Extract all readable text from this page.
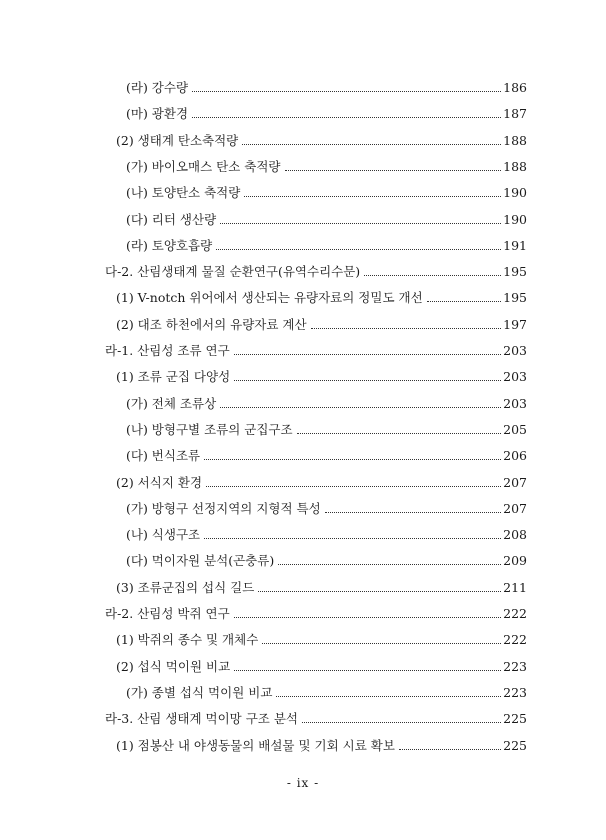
(라) 강수량	186
(마) 광환경	187
(2) 생태계 탄소축적량	188
(가) 바이오매스 탄소 축적량	188
(나) 토양탄소 축적량	190
(다) 리터 생산량	190
(라) 토양호흡량	191
다-2. 산림생태계 물질 순환연구(유역수리수문)	195
(1) V-notch 위어에서 생산되는 유량자료의 정밀도 개선	195
(2) 대조 하천에서의 유량자료 계산	197
라-1. 산림성 조류 연구	203
(1) 조류 군집 다양성	203
(가) 전체 조류상	203
(나) 방형구별 조류의 군집구조	205
(다) 번식조류	206
(2) 서식지 환경	207
(가) 방형구 선정지역의 지형적 특성	207
(나) 식생구조	208
(다) 먹이자원 분석(곤충류)	209
(3) 조류군집의 섭식 길드	211
라-2. 산림성 박쥐 연구	222
(1) 박쥐의 종수 및 개체수	222
(2) 섭식 먹이원 비교	223
(가) 종별 섭식 먹이원 비교	223
라-3. 산림 생태계 먹이망 구조 분석	225
(1) 점봉산 내 야생동물의 배설물 및 기회 시료 확보	225
- ix -
